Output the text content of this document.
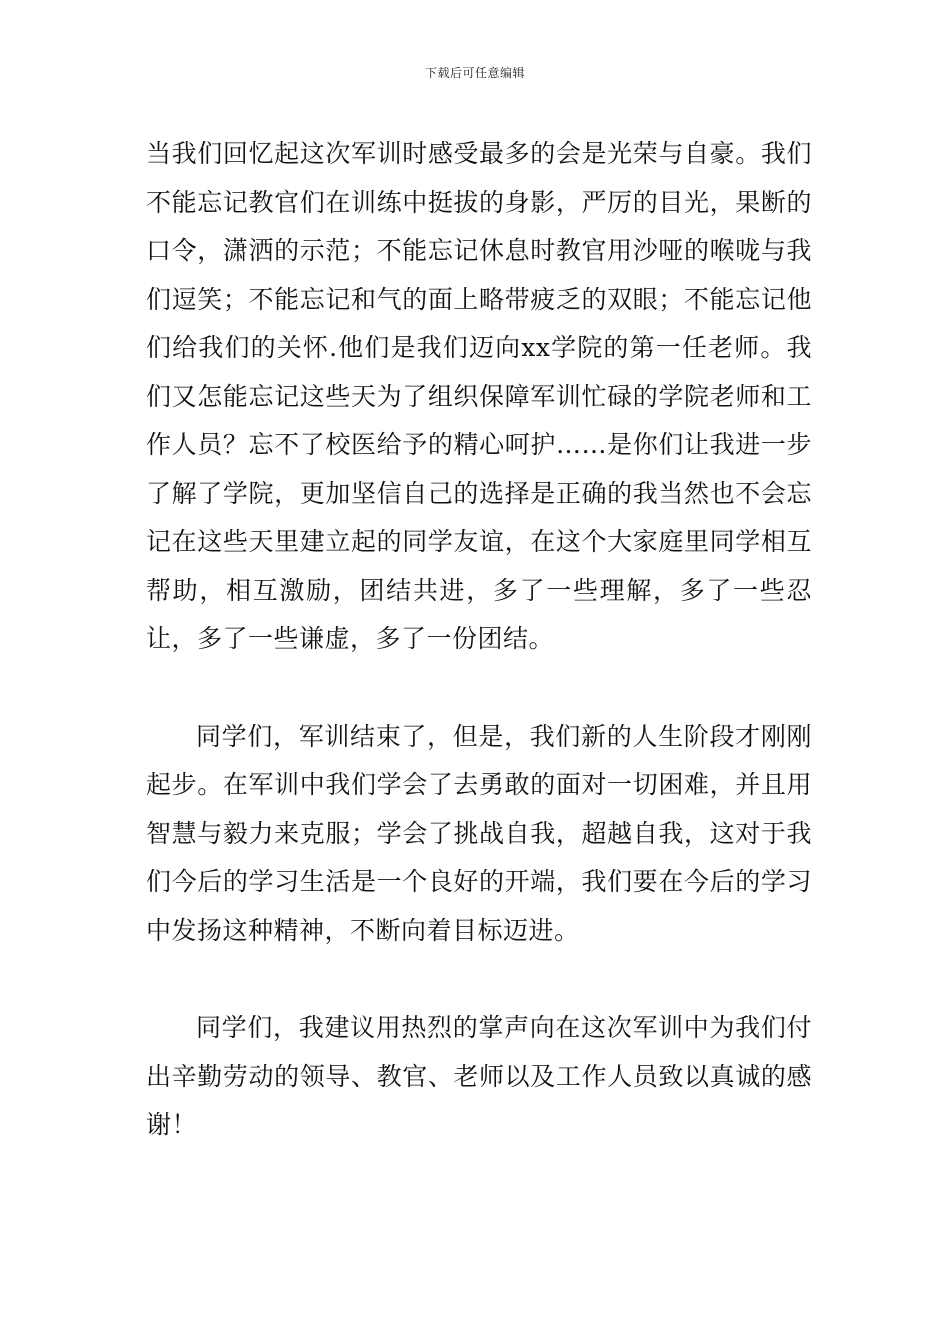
下载后可任意编辑

当我们回忆起这次军训时感受最多的会是光荣与自豪。我们不能忘记教官们在训练中挺拔的身影，严厉的目光，果断的口令，潇洒的示范；不能忘记休息时教官用沙哑的喉咙与我们逗笑；不能忘记和气的面上略带疲乏的双眼；不能忘记他们给我们的关怀.他们是我们迈向xx学院的第一任老师。我们又怎能忘记这些天为了组织保障军训忙碌的学院老师和工作人员？忘不了校医给予的精心呵护……是你们让我进一步了解了学院，更加坚信自己的选择是正确的我当然也不会忘记在这些天里建立起的同学友谊，在这个大家庭里同学相互帮助，相互激励，团结共进，多了一些理解，多了一些忍让，多了一些谦虚，多了一份团结。

同学们，军训结束了，但是，我们新的人生阶段才刚刚起步。在军训中我们学会了去勇敢的面对一切困难，并且用智慧与毅力来克服；学会了挑战自我，超越自我，这对于我们今后的学习生活是一个良好的开端，我们要在今后的学习中发扬这种精神，不断向着目标迈进。

同学们，我建议用热烈的掌声向在这次军训中为我们付出辛勤劳动的领导、教官、老师以及工作人员致以真诚的感谢！
